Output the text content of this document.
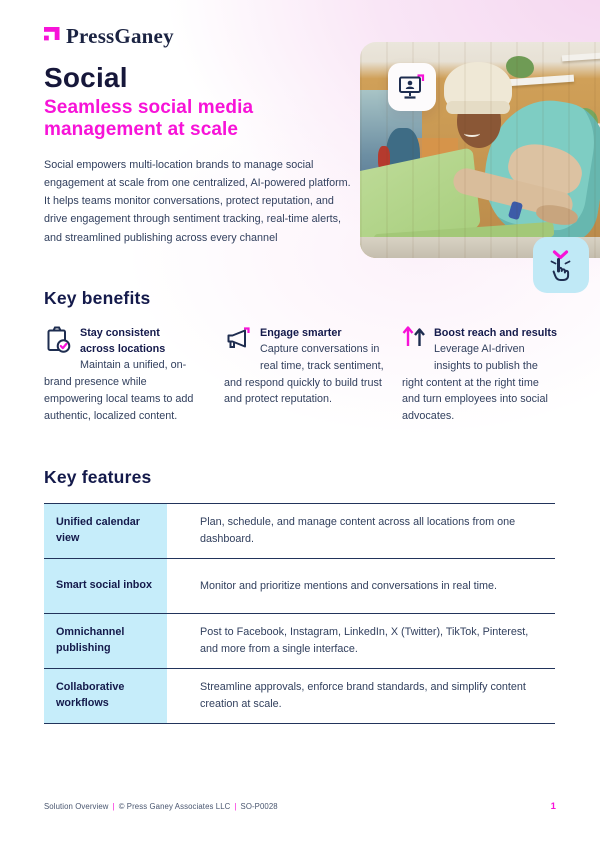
PressGaney
Social
Seamless social media management at scale
Social empowers multi-location brands to manage social engagement at scale from one centralized, AI-powered platform. It helps teams monitor conversations, protect reputation, and drive engagement through sentiment tracking, real-time alerts, and streamlined publishing across every channel
Key benefits
Stay consistent across locations
Maintain a unified, on-brand presence while empowering local teams to add authentic, localized content.
Engage smarter
Capture conversations in real time, track sentiment, and respond quickly to build trust and protect reputation.
Boost reach and results
Leverage AI-driven insights to publish the right content at the right time and turn employees into social advocates.
Key features
Unified calendar view
Plan, schedule, and manage content across all locations from one dashboard.
Smart social inbox	Monitor and prioritize mentions and conversations in real time.
Omnichannel publishing
Post to Facebook, Instagram, LinkedIn, X (Twitter), TikTok, Pinterest, and more from a single interface.
Collaborative workflows
Streamline approvals, enforce brand standards, and simplify content creation at scale.
Solution Overview | © Press Ganey Associates LLC | SO-P0028	1
